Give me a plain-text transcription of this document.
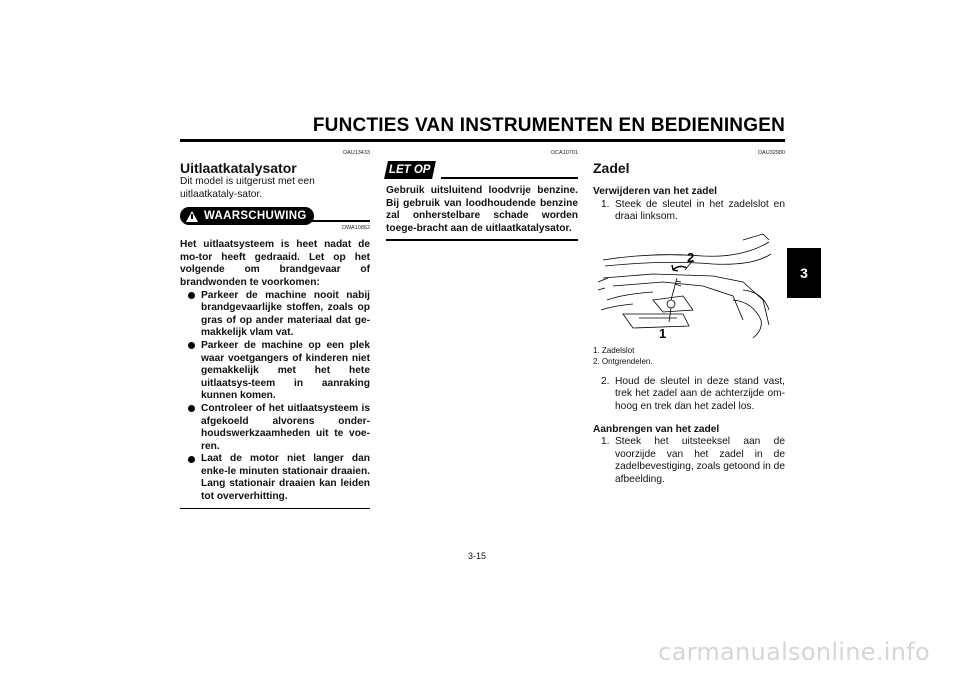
FUNCTIES VAN INSTRUMENTEN EN BEDIENINGEN
3
DAU13433
Uitlaatkatalysator

Dit model is uitgerust met een uitlaatkataly-sator.

WAARSCHUWING
DWA10862
Het uitlaatsysteem is heet nadat de mo-tor heeft gedraaid. Let op het volgende om brandgevaar of brandwonden te voorkomen:
Parkeer de machine nooit nabij brandgevaarlijke stoffen, zoals op gras of op ander materiaal dat ge-makkelijk vlam vat.
Parkeer de machine op een plek waar voetgangers of kinderen niet gemakkelijk met het hete uitlaatsys-teem in aanraking kunnen komen.
Controleer of het uitlaatsysteem is afgekoeld alvorens onder-houdswerkzaamheden uit te voe-ren.
Laat de motor niet langer dan enke-le minuten stationair draaien. Lang stationair draaien kan leiden tot oververhitting.
DCA10701
LET OP
Gebruik uitsluitend loodvrije benzine. Bij gebruik van loodhoudende benzine zal onherstelbare schade worden toege-bracht aan de uitlaatkatalysator.
DAU32980
Zadel
Verwijderen van het zadel
1. Steek de sleutel in het zadelslot en draai linksom.
2
1
1. Zadelslot
2. Ontgrendelen.
2. Houd de sleutel in deze stand vast, trek het zadel aan de achterzijde om-hoog en trek dan het zadel los.
Aanbrengen van het zadel
1. Steek het uitsteeksel aan de voorzijde van het zadel in de zadelbevestiging, zoals getoond in de afbeelding.
3-15
carmanualsonline.info
